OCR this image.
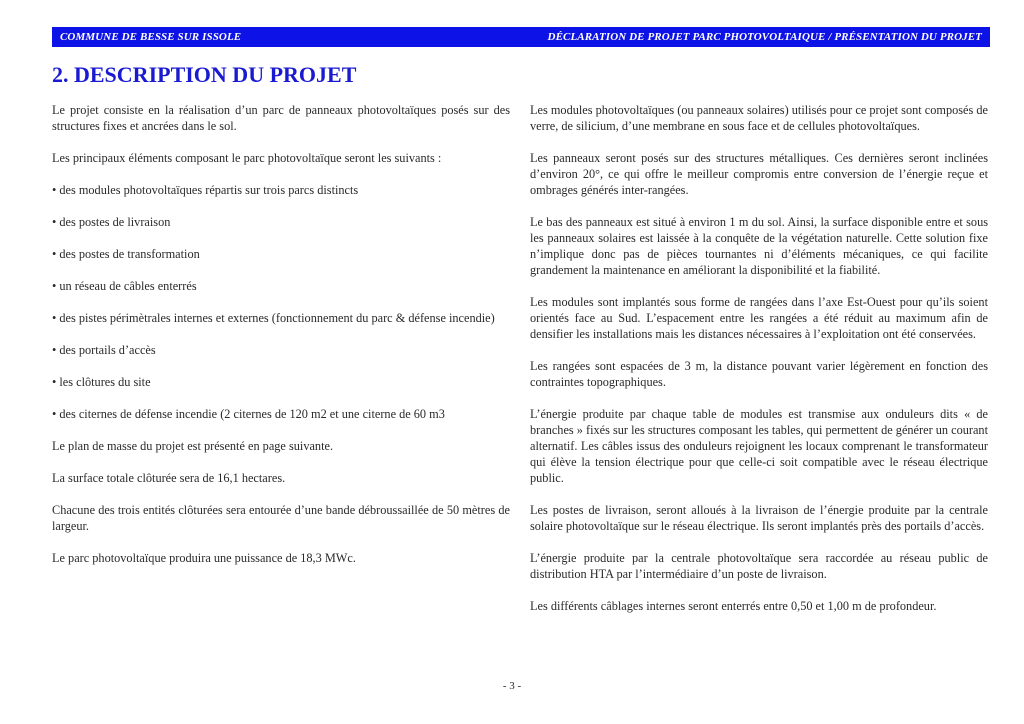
COMMUNE DE BESSE SUR ISSOLE	DÉCLARATION DE PROJET PARC PHOTOVOLTAIQUE / PRÉSENTATION DU PROJET
2. DESCRIPTION DU PROJET

Le projet consiste en la réalisation d’un parc de panneaux photovoltaïques posés sur des structures fixes et ancrées dans le sol.

Les principaux éléments composant le parc photovoltaïque seront les suivants :

• des modules photovoltaïques répartis sur trois parcs distincts

• des postes de livraison

• des postes de transformation

• un réseau de câbles enterrés

• des pistes périmètrales internes et externes (fonctionnement du parc & défense incendie)

• des portails d’accès

• les clôtures du site

• des citernes de défense incendie (2 citernes de 120 m2 et une citerne de 60 m3

Le plan de masse du projet est présenté en page suivante.

La surface totale clôturée sera de 16,1 hectares.

Chacune des trois entités clôturées sera entourée d’une bande débroussaillée de 50 mètres de largeur.

Le parc photovoltaïque produira une puissance de 18,3 MWc.

Les modules photovoltaïques (ou panneaux solaires) utilisés pour ce projet sont composés de verre, de silicium, d’une membrane en sous face et de cellules photovoltaïques.

Les panneaux seront posés sur des structures métalliques. Ces dernières seront inclinées d’environ 20°, ce qui offre le meilleur compromis entre conversion de l’énergie reçue et ombrages générés inter-rangées.

Le bas des panneaux est situé à environ 1 m du sol. Ainsi, la surface disponible entre et sous les panneaux solaires est laissée à la conquête de la végétation naturelle. Cette solution fixe n’implique donc pas de pièces tournantes ni d’éléments mécaniques, ce qui facilite grandement la maintenance en améliorant la disponibilité et la fiabilité.

Les modules sont implantés sous forme de rangées dans l’axe Est-Ouest pour qu’ils soient orientés face au Sud. L’espacement entre les rangées a été réduit au maximum afin de densifier les installations mais les distances nécessaires à l’exploitation ont été conservées.

Les rangées sont espacées de 3 m, la distance pouvant varier légèrement en fonction des contraintes topographiques.

L’énergie produite par chaque table de modules est transmise aux onduleurs dits « de branches » fixés sur les structures composant les tables, qui permettent de générer un courant alternatif. Les câbles issus des onduleurs rejoignent les locaux comprenant le transformateur qui élève la tension électrique pour que celle-ci soit compatible avec le réseau électrique public.

Les postes de livraison, seront alloués à la livraison de l’énergie produite par la centrale solaire photovoltaïque sur le réseau électrique. Ils seront implantés près des portails d’accès.

L’énergie produite par la centrale photovoltaïque sera raccordée au réseau public de distribution HTA par l’intermédiaire d’un poste de livraison.

Les différents câblages internes seront enterrés entre 0,50 et 1,00 m de profondeur.

- 3 -
